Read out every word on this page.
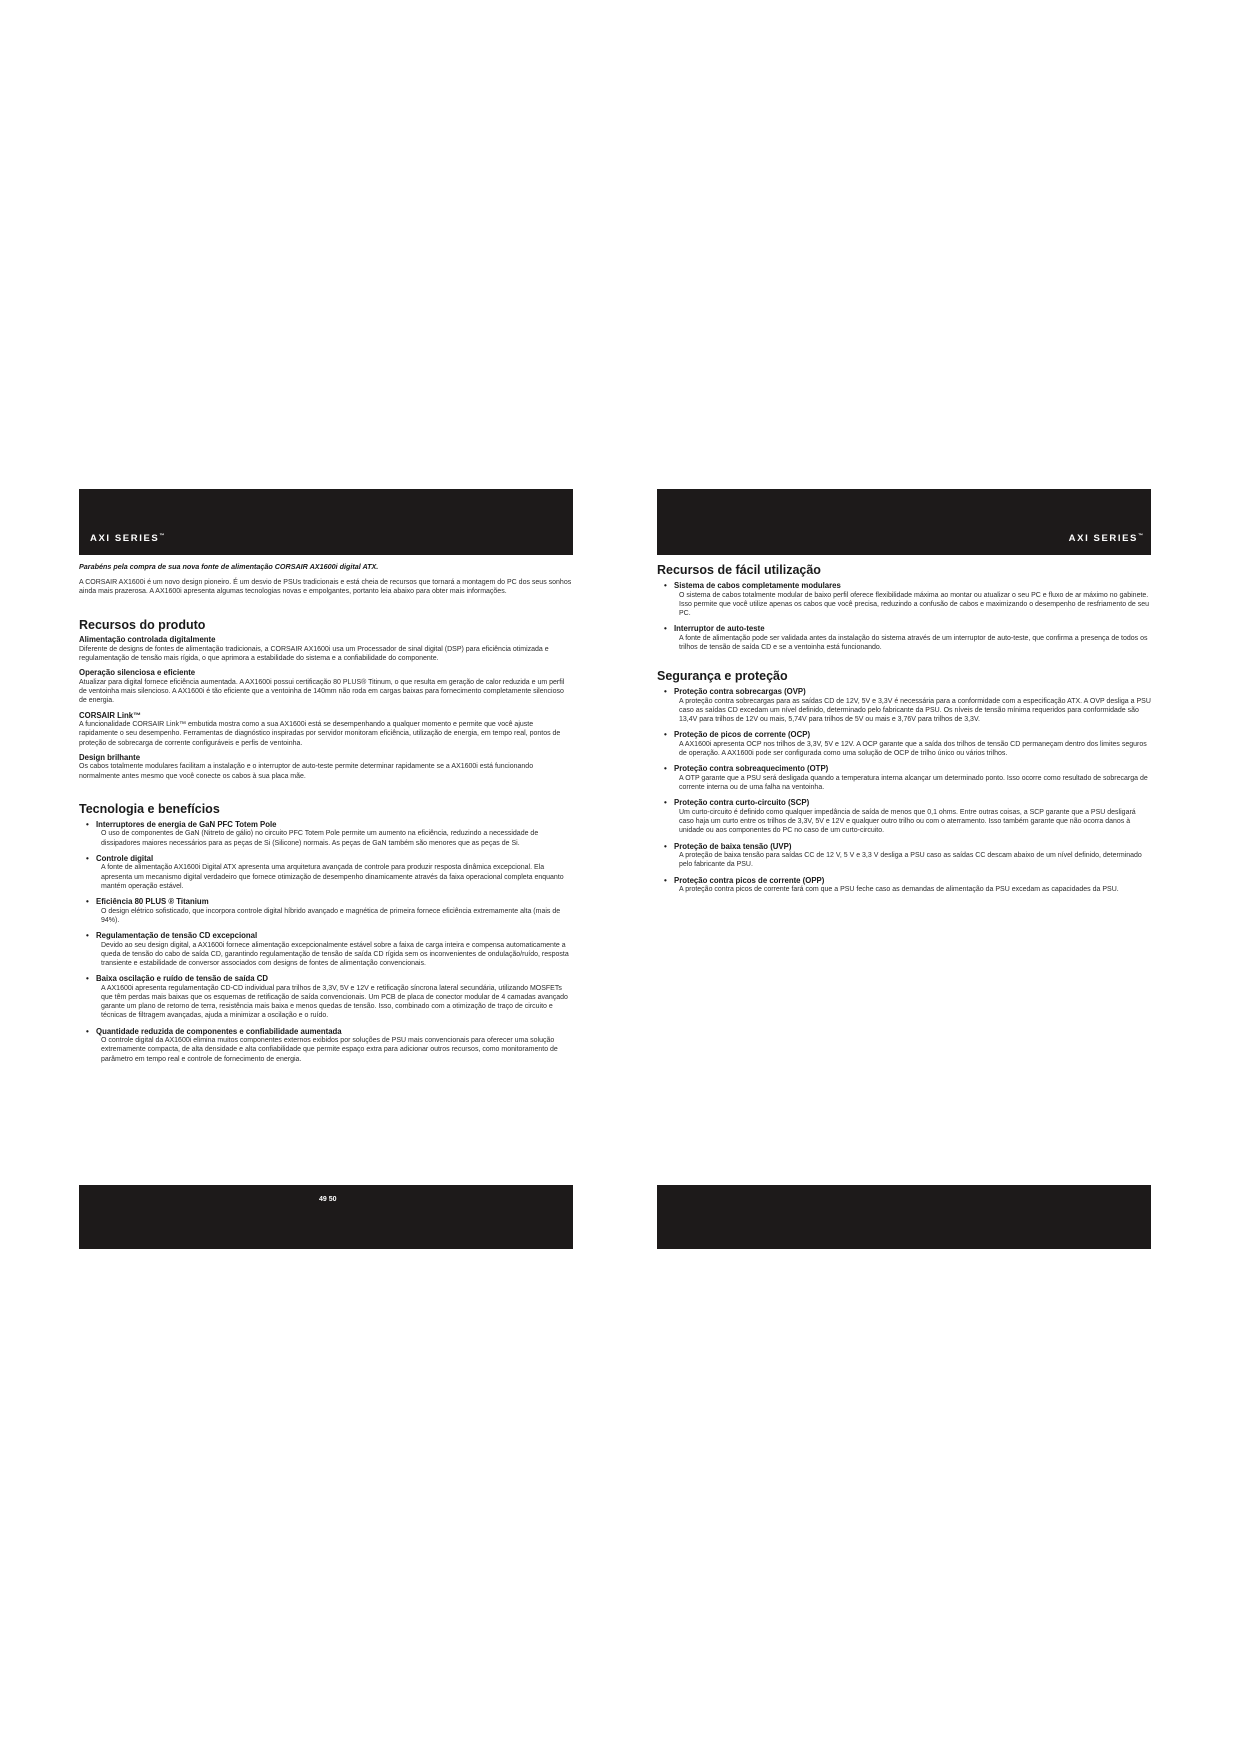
AXI SERIES™

Parabéns pela compra de sua nova fonte de alimentação CORSAIR AX1600i digital ATX.

A CORSAIR AX1600i é um novo design pioneiro. É um desvio de PSUs tradicionais e está cheia de recursos que tornará a montagem do PC dos seus sonhos ainda mais prazerosa. A AX1600i apresenta algumas tecnologias novas e empolgantes, portanto leia abaixo para obter mais informações.

Recursos do produto
Alimentação controlada digitalmente

Diferente de designs de fontes de alimentação tradicionais, a CORSAIR AX1600i usa um Processador de sinal digital (DSP) para eficiência otimizada e regulamentação de tensão mais rígida, o que aprimora a estabilidade do sistema e a confiabilidade do componente.

Operação silenciosa e eficiente

Atualizar para digital fornece eficiência aumentada. A AX1600i possui certificação 80 PLUS® Titinum, o que resulta em geração de calor reduzida e um perfil de ventoinha mais silencioso. A AX1600i é tão eficiente que a ventoinha de 140mm não roda em cargas baixas para fornecimento completamente silencioso de energia.

CORSAIR Link™

A funcionalidade CORSAIR Link™ embutida mostra como a sua AX1600i está se desempenhando a qualquer momento e permite que você ajuste rapidamente o seu desempenho. Ferramentas de diagnóstico inspiradas por servidor monitoram eficiência, utilização de energia, em tempo real, pontos de proteção de sobrecarga de corrente configuráveis e perfis de ventoinha.

Design brilhante

Os cabos totalmente modulares facilitam a instalação e o interruptor de auto-teste permite determinar rapidamente se a AX1600i está funcionando normalmente antes mesmo que você conecte os cabos à sua placa mãe.

Tecnologia e benefícios
• Interruptores de energia de GaN PFC Totem Pole

O uso de componentes de GaN (Nitreto de gálio) no circuito PFC Totem Pole permite um aumento na eficiência, reduzindo a necessidade de dissipadores maiores necessários para as peças de Si (Silicone) normais. As peças de GaN também são menores que as peças de Si.

• Controle digital

A fonte de alimentação AX1600i Digital ATX apresenta uma arquitetura avançada de controle para produzir resposta dinâmica excepcional. Ela apresenta um mecanismo digital verdadeiro que fornece otimização de desempenho dinamicamente através da faixa operacional completa enquanto mantém operação estável.

• Eficiência 80 PLUS ® Titanium

O design elétrico sofisticado, que incorpora controle digital híbrido avançado e magnética de primeira fornece eficiência extremamente alta (mais de 94%).

• Regulamentação de tensão CD excepcional

Devido ao seu design digital, a AX1600i fornece alimentação excepcionalmente estável sobre a faixa de carga inteira e compensa automaticamente a queda de tensão do cabo de saída CD, garantindo regulamentação de tensão de saída CD rígida sem os inconvenientes de ondulação/ruído, resposta transiente e estabilidade de conversor associados com designs de fontes de alimentação convencionais.

• Baixa oscilação e ruído de tensão de saída CD

A AX1600i apresenta regulamentação CD-CD individual para trilhos de 3,3V, 5V e 12V e retificação síncrona lateral secundária, utilizando MOSFETs que têm perdas mais baixas que os esquemas de retificação de saída convencionais. Um PCB de placa de conector modular de 4 camadas avançado garante um plano de retorno de terra, resistência mais baixa e menos quedas de tensão. Isso, combinado com a otimização de traço de circuito e técnicas de filtragem avançadas, ajuda a minimizar a oscilação e o ruído.

• Quantidade reduzida de componentes e confiabilidade aumentada

O controle digital da AX1600i elimina muitos componentes externos exibidos por soluções de PSU mais convencionais para oferecer uma solução extremamente compacta, de alta densidade e alta confiabilidade que permite espaço extra para adicionar outros recursos, como monitoramento de parâmetro em tempo real e controle de fornecimento de energia.

49 50
AXI SERIES™
Recursos de fácil utilização
• Sistema de cabos completamente modulares

O sistema de cabos totalmente modular de baixo perfil oferece flexibilidade máxima ao montar ou atualizar o seu PC e fluxo de ar máximo no gabinete. Isso permite que você utilize apenas os cabos que você precisa, reduzindo a confusão de cabos e maximizando o desempenho de resfriamento de seu PC.

• Interruptor de auto-teste

A fonte de alimentação pode ser validada antes da instalação do sistema através de um interruptor de auto-teste, que confirma a presença de todos os trilhos de tensão de saída CD e se a ventoinha está funcionando.

Segurança e proteção
• Proteção contra sobrecargas (OVP)

A proteção contra sobrecargas para as saídas CD de 12V, 5V e 3,3V é necessária para a conformidade com a especificação ATX. A OVP desliga a PSU caso as saídas CD excedam um nível definido, determinado pelo fabricante da PSU. Os níveis de tensão mínima requeridos para conformidade são 13,4V para trilhos de 12V ou mais, 5,74V para trilhos de 5V ou mais e 3,76V para trilhos de 3,3V.

• Proteção de picos de corrente (OCP)

A AX1600i apresenta OCP nos trilhos de 3,3V, 5V e 12V. A OCP garante que a saída dos trilhos de tensão CD permaneçam dentro dos limites seguros de operação. A AX1600i pode ser configurada como uma solução de OCP de trilho único ou vários trilhos.

• Proteção contra sobreaquecimento (OTP)

A OTP garante que a PSU será desligada quando a temperatura interna alcançar um determinado ponto. Isso ocorre como resultado de sobrecarga de corrente interna ou de uma falha na ventoinha.

• Proteção contra curto-circuito (SCP)

Um curto-circuito é definido como qualquer impedância de saída de menos que 0,1 ohms. Entre outras coisas, a SCP garante que a PSU desligará caso haja um curto entre os trilhos de 3,3V, 5V e 12V e qualquer outro trilho ou com o aterramento. Isso também garante que não ocorra danos à unidade ou aos componentes do PC no caso de um curto-circuito.

• Proteção de baixa tensão (UVP)

A proteção de baixa tensão para saídas CC de 12 V, 5 V e 3,3 V desliga a PSU caso as saídas CC descam abaixo de um nível definido, determinado pelo fabricante da PSU.

• Proteção contra picos de corrente (OPP)

A proteção contra picos de corrente fará com que a PSU feche caso as demandas de alimentação da PSU excedam as capacidades da PSU.
